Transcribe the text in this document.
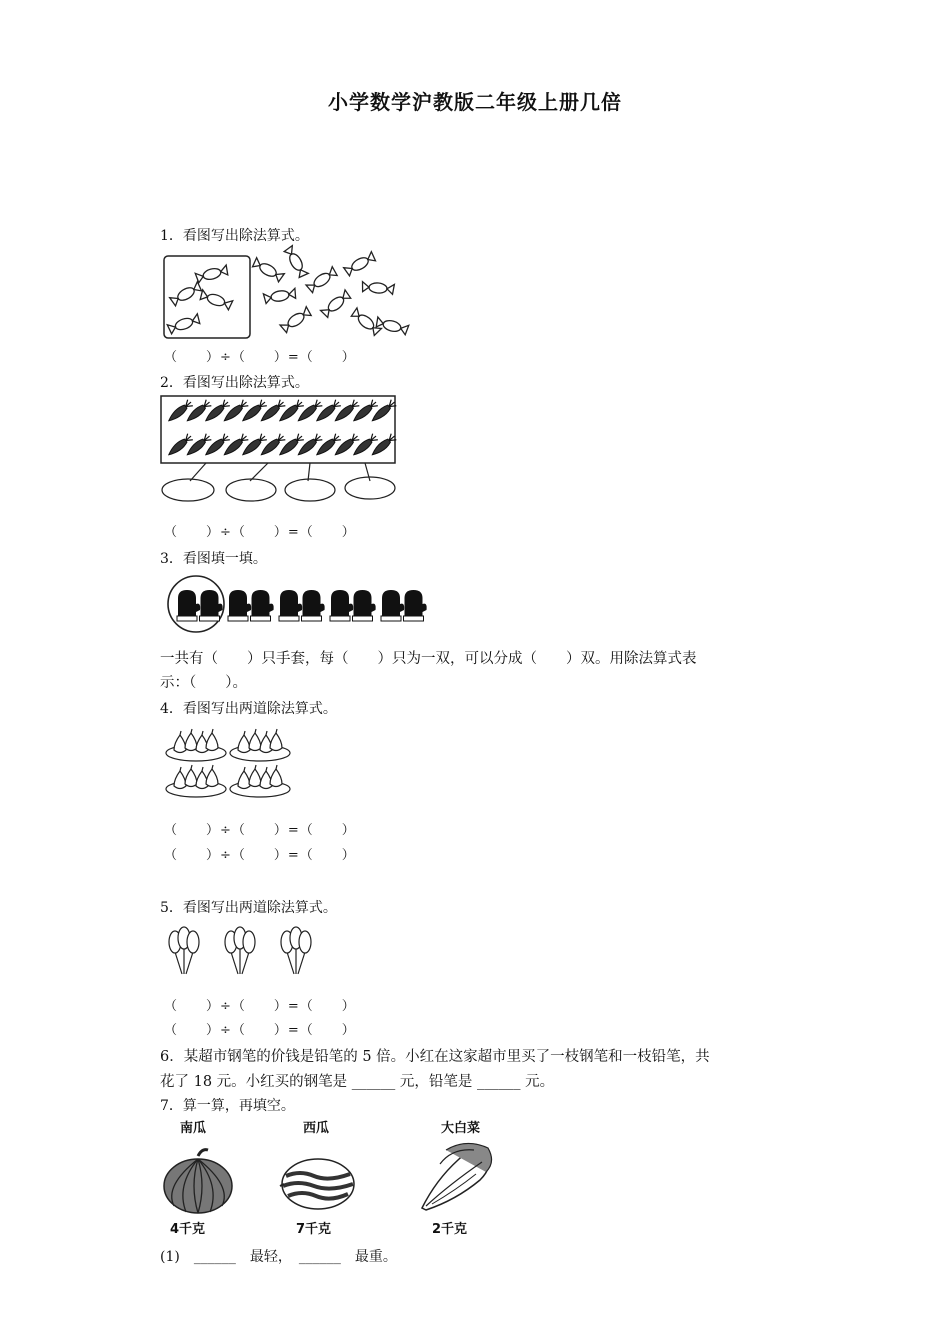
小学数学沪教版二年级上册几倍
1．看图写出除法算式。
（　　）÷（　　）=（　　）
2．看图写出除法算式。
（　　）÷（　　）=（　　）
3．看图填一填。
一共有（　　）只手套，每（　　）只为一双，可以分成（　　）双。用除法算式表
示：（　　）。
4．看图写出两道除法算式。
（　　）÷（　　）=（　　）
（　　）÷（　　）=（　　）
5．看图写出两道除法算式。
（　　）÷（　　）=（　　）
（　　）÷（　　）=（　　）
6．某超市钢笔的价钱是铅笔的 5 倍。小红在这家超市里买了一枝钢笔和一枝铅笔，共
花了 18 元。小红买的钢笔是 ______ 元，铅笔是 ______ 元。
7．算一算，再填空。
南瓜	西瓜	大白菜
4千克	7千克	2千克
(1)　______　最轻，　______　最重。
